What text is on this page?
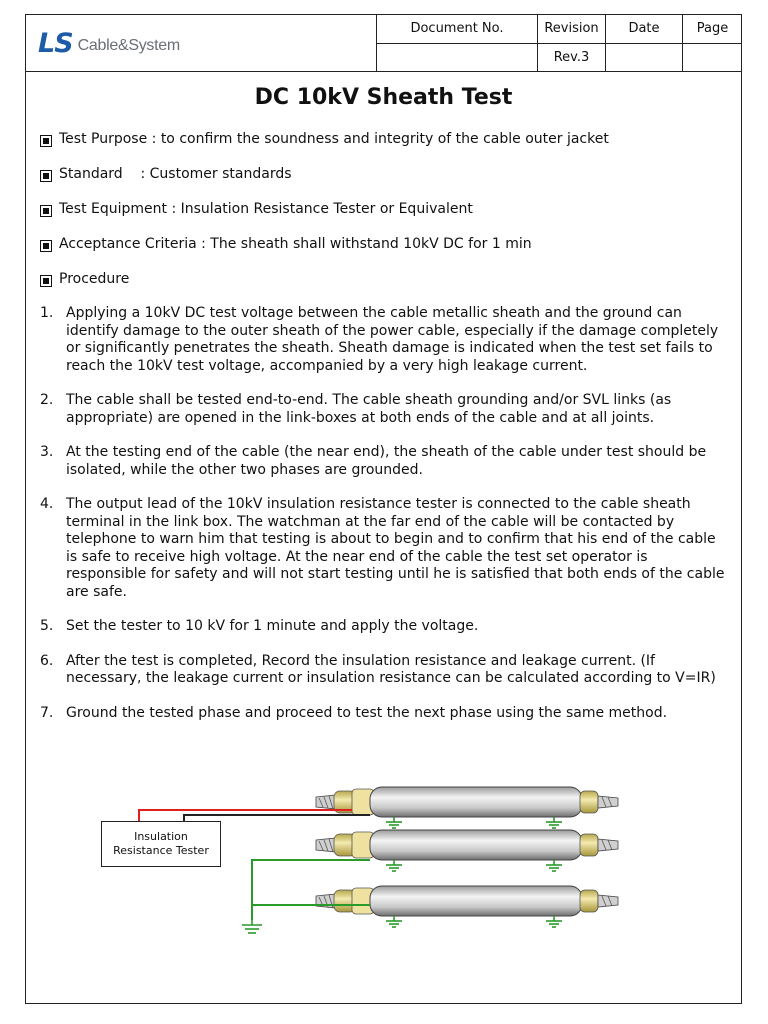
LS Cable&System
Document No.	Revision	Date	Page
	Rev.3		
DC 10kV Sheath Test
Test Purpose : to confirm the soundness and integrity of the cable outer jacket
Standard    : Customer standards
Test Equipment : Insulation Resistance Tester or Equivalent
Acceptance Criteria : The sheath shall withstand 10kV DC for 1 min
Procedure
1. Applying a 10kV DC test voltage between the cable metallic sheath and the ground can identify damage to the outer sheath of the power cable, especially if the damage completely or significantly penetrates the sheath. Sheath damage is indicated when the test set fails to reach the 10kV test voltage, accompanied by a very high leakage current.
2. The cable shall be tested end-to-end. The cable sheath grounding and/or SVL links (as appropriate) are opened in the link-boxes at both ends of the cable and at all joints.
3. At the testing end of the cable (the near end), the sheath of the cable under test should be isolated, while the other two phases are grounded.
4. The output lead of the 10kV insulation resistance tester is connected to the cable sheath terminal in the link box. The watchman at the far end of the cable will be contacted by telephone to warn him that testing is about to begin and to confirm that his end of the cable is safe to receive high voltage. At the near end of the cable the test set operator is responsible for safety and will not start testing until he is satisfied that both ends of the cable are safe.
5. Set the tester to 10 kV for 1 minute and apply the voltage.
6. After the test is completed, Record the insulation resistance and leakage current. (If necessary, the leakage current or insulation resistance can be calculated according to V=IR)
7. Ground the tested phase and proceed to test the next phase using the same method.
Insulation
Resistance Tester
